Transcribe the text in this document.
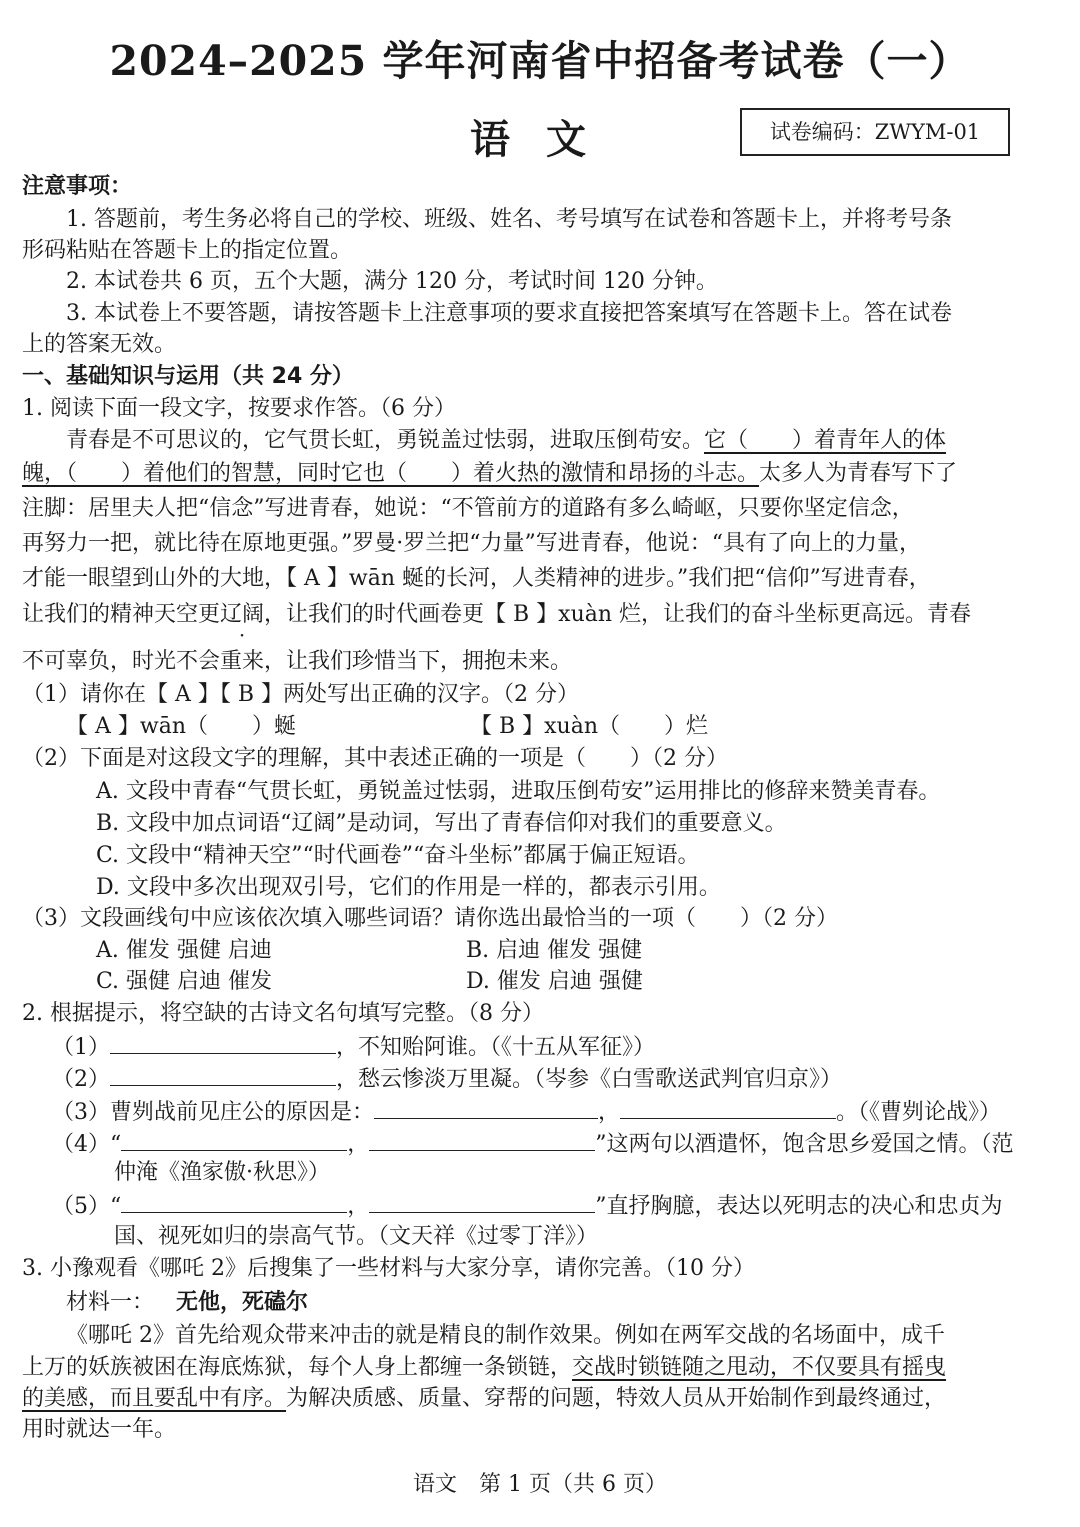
2024–2025 学年河南省中招备考试卷（一）
语文	试卷编码：ZWYM-01
注意事项：
1. 答题前，考生务必将自己的学校、班级、姓名、考号填写在试卷和答题卡上，并将考号条
形码粘贴在答题卡上的指定位置。
2. 本试卷共 6 页，五个大题，满分 120 分，考试时间 120 分钟。
3. 本试卷上不要答题，请按答题卡上注意事项的要求直接把答案填写在答题卡上。答在试卷
上的答案无效。
一、基础知识与运用（共 24 分）
1. 阅读下面一段文字，按要求作答。（6 分）
青春是不可思议的，它气贯长虹，勇锐盖过怯弱，进取压倒苟安。它（　　）着青年人的体
魄，（　　）着他们的智慧，同时它也（　　）着火热的激情和昂扬的斗志。太多人为青春写下了
注脚：居里夫人把“信念”写进青春，她说：“不管前方的道路有多么崎岖，只要你坚定信念，
再努力一把，就比待在原地更强。”罗曼·罗兰把“力量”写进青春，他说：“具有了向上的力量，
才能一眼望到山外的大地，【 A 】wān 蜒的长河，人类精神的进步。”我们把“信仰”写进青春，
让我们的精神天空更辽阔，让我们的时代画卷更【 B 】xuàn 烂，让我们的奋斗坐标更高远。青春
不可辜负，时光不会重来，让我们珍惜当下，拥抱未来。
（1）请你在【 A 】【 B 】两处写出正确的汉字。（2 分）
【 A 】wān（　　）蜒	【 B 】xuàn（　　）烂
（2）下面是对这段文字的理解，其中表述正确的一项是（　　）（2 分）
A. 文段中青春“气贯长虹，勇锐盖过怯弱，进取压倒苟安”运用排比的修辞来赞美青春。
B. 文段中加点词语“辽阔”是动词，写出了青春信仰对我们的重要意义。
C. 文段中“精神天空”“时代画卷”“奋斗坐标”都属于偏正短语。
D. 文段中多次出现双引号，它们的作用是一样的，都表示引用。
（3）文段画线句中应该依次填入哪些词语？请你选出最恰当的一项（　　）（2 分）
A. 催发 强健 启迪	B. 启迪 催发 强健
C. 强健 启迪 催发	D. 催发 启迪 强健
2. 根据提示，将空缺的古诗文名句填写完整。（8 分）
（1）	，不知贻阿谁。（《十五从军征》）
（2）	，愁云惨淡万里凝。（岑参《白雪歌送武判官归京》）
（3）曹刿战前见庄公的原因是：	，	。（《曹刿论战》）
（4）“	，	”这两句以酒遣怀，饱含思乡爱国之情。（范
仲淹《渔家傲·秋思》）
（5）“	，	”直抒胸臆，表达以死明志的决心和忠贞为
国、视死如归的崇高气节。（文天祥《过零丁洋》）
3. 小豫观看《哪吒 2》后搜集了一些材料与大家分享，请你完善。（10 分）
材料一： 无他，死磕尔
《哪吒 2》首先给观众带来冲击的就是精良的制作效果。例如在两军交战的名场面中，成千
上万的妖族被困在海底炼狱，每个人身上都缠一条锁链，交战时锁链随之甩动，不仅要具有摇曳
的美感，而且要乱中有序。为解决质感、质量、穿帮的问题，特效人员从开始制作到最终通过，
用时就达一年。
语文　第 1 页（共 6 页）
